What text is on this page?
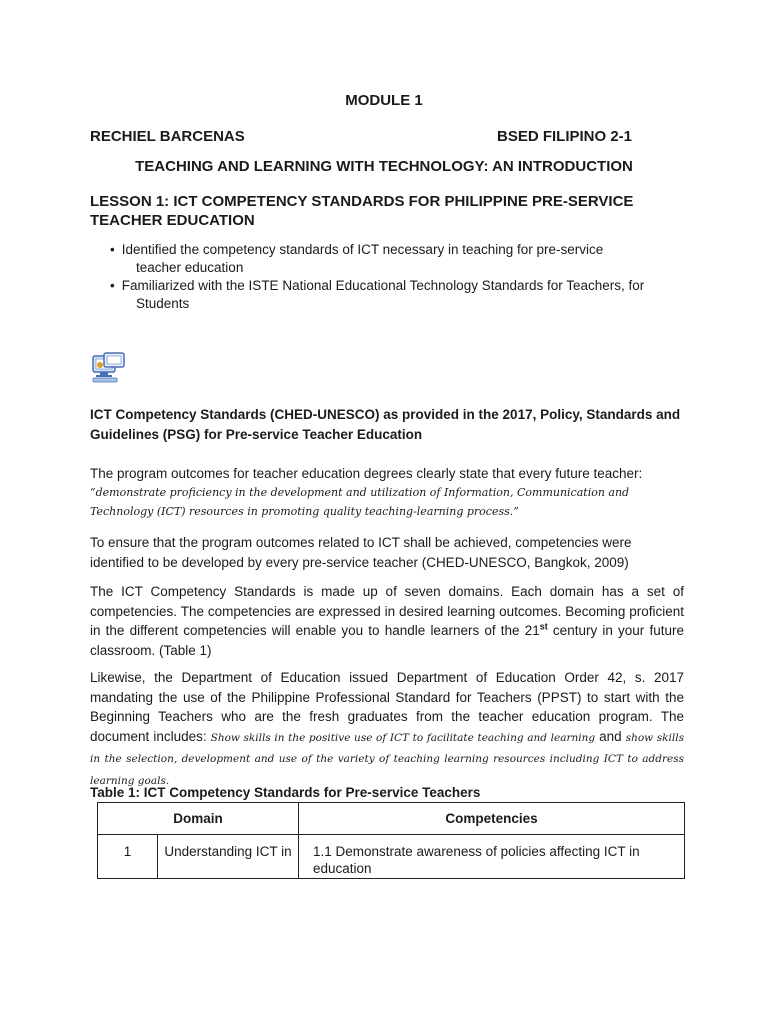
MODULE 1
RECHIEL BARCENAS	BSED FILIPINO 2-1
TEACHING AND LEARNING WITH TECHNOLOGY: AN INTRODUCTION
LESSON 1: ICT COMPETENCY STANDARDS FOR PHILIPPINE PRE-SERVICE TEACHER EDUCATION
• Identified the competency standards of ICT necessary in teaching for pre-service
teacher education
• Familiarized with the ISTE National Educational Technology Standards for Teachers, for
Students
ICT Competency Standards (CHED-UNESCO) as provided in the 2017, Policy, Standards and Guidelines (PSG) for Pre-service Teacher Education

The program outcomes for teacher education degrees clearly state that every future teacher:

“demonstrate proficiency in the development and utilization of Information, Communication and Technology (ICT) resources in promoting quality teaching-learning process.”

To ensure that the program outcomes related to ICT shall be achieved, competencies were identified to be developed by every pre-service teacher (CHED-UNESCO, Bangkok, 2009)

The ICT Competency Standards is made up of seven domains. Each domain has a set of competencies. The competencies are expressed in desired learning outcomes. Becoming proficient in the different competencies will enable you to handle learners of the 21st century in your future classroom. (Table 1)

Likewise, the Department of Education issued Department of Education Order 42, s. 2017 mandating the use of the Philippine Professional Standard for Teachers (PPST) to start with the Beginning Teachers who are the fresh graduates from the teacher education program. The document includes: Show skills in the positive use of ICT to facilitate teaching and learning and show skills in the selection, development and use of the variety of teaching learning resources including ICT to address learning goals.

Table 1: ICT Competency Standards for Pre-service Teachers
Domain		Competencies
1	Understanding ICT in	1.1 Demonstrate awareness of policies affecting ICT in education
